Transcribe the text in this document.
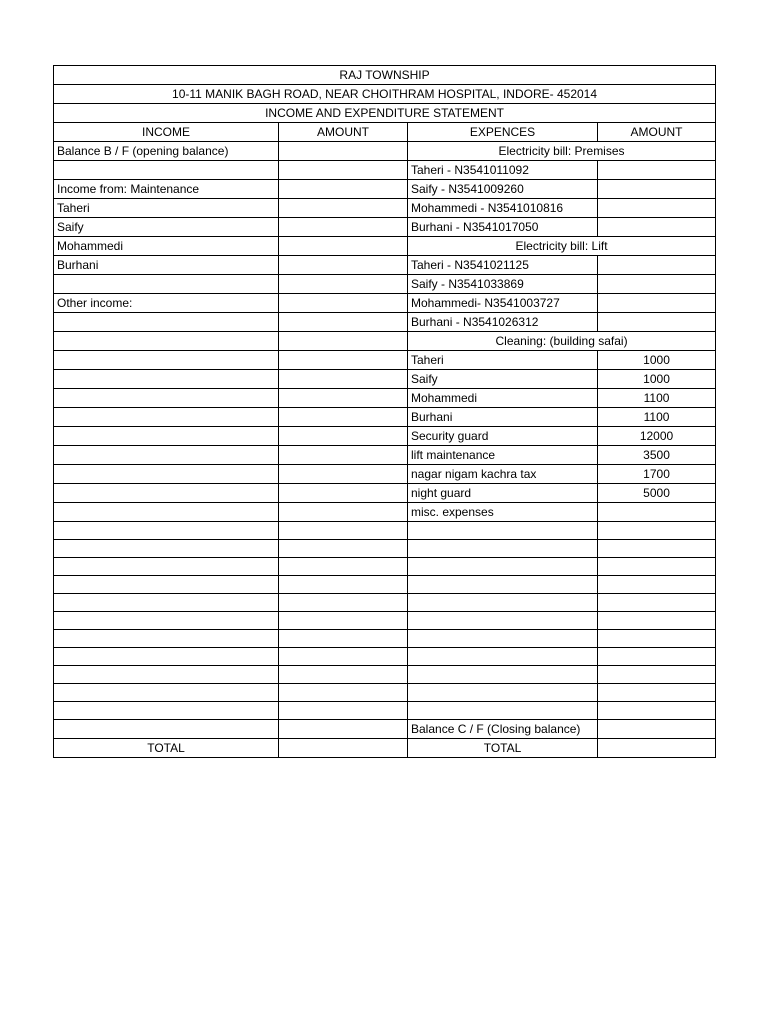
RAJ TOWNSHIP			
10-11 MANIK BAGH ROAD, NEAR CHOITHRAM HOSPITAL, INDORE- 452014			
INCOME AND EXPENDITURE STATEMENT			
INCOME	AMOUNT	EXPENCES	AMOUNT
Balance B / F (opening balance)		Electricity bill: Premises	
		Taheri - N3541011092	
Income from: Maintenance		Saify - N3541009260	
Taheri		Mohammedi - N3541010816	
Saify		Burhani - N3541017050	
Mohammedi		Electricity bill: Lift	
Burhani		Taheri - N3541021125	
		Saify - N3541033869	
Other income:		Mohammedi- N3541003727	
		Burhani - N3541026312	
		Cleaning: (building safai)	
		Taheri	1000
		Saify	1000
		Mohammedi	1100
		Burhani	1100
		Security guard	12000
		lift maintenance	3500
		nagar nigam kachra tax	1700
		night guard	5000
		misc. expenses	

		Balance C / F (Closing balance)	
TOTAL		TOTAL	
